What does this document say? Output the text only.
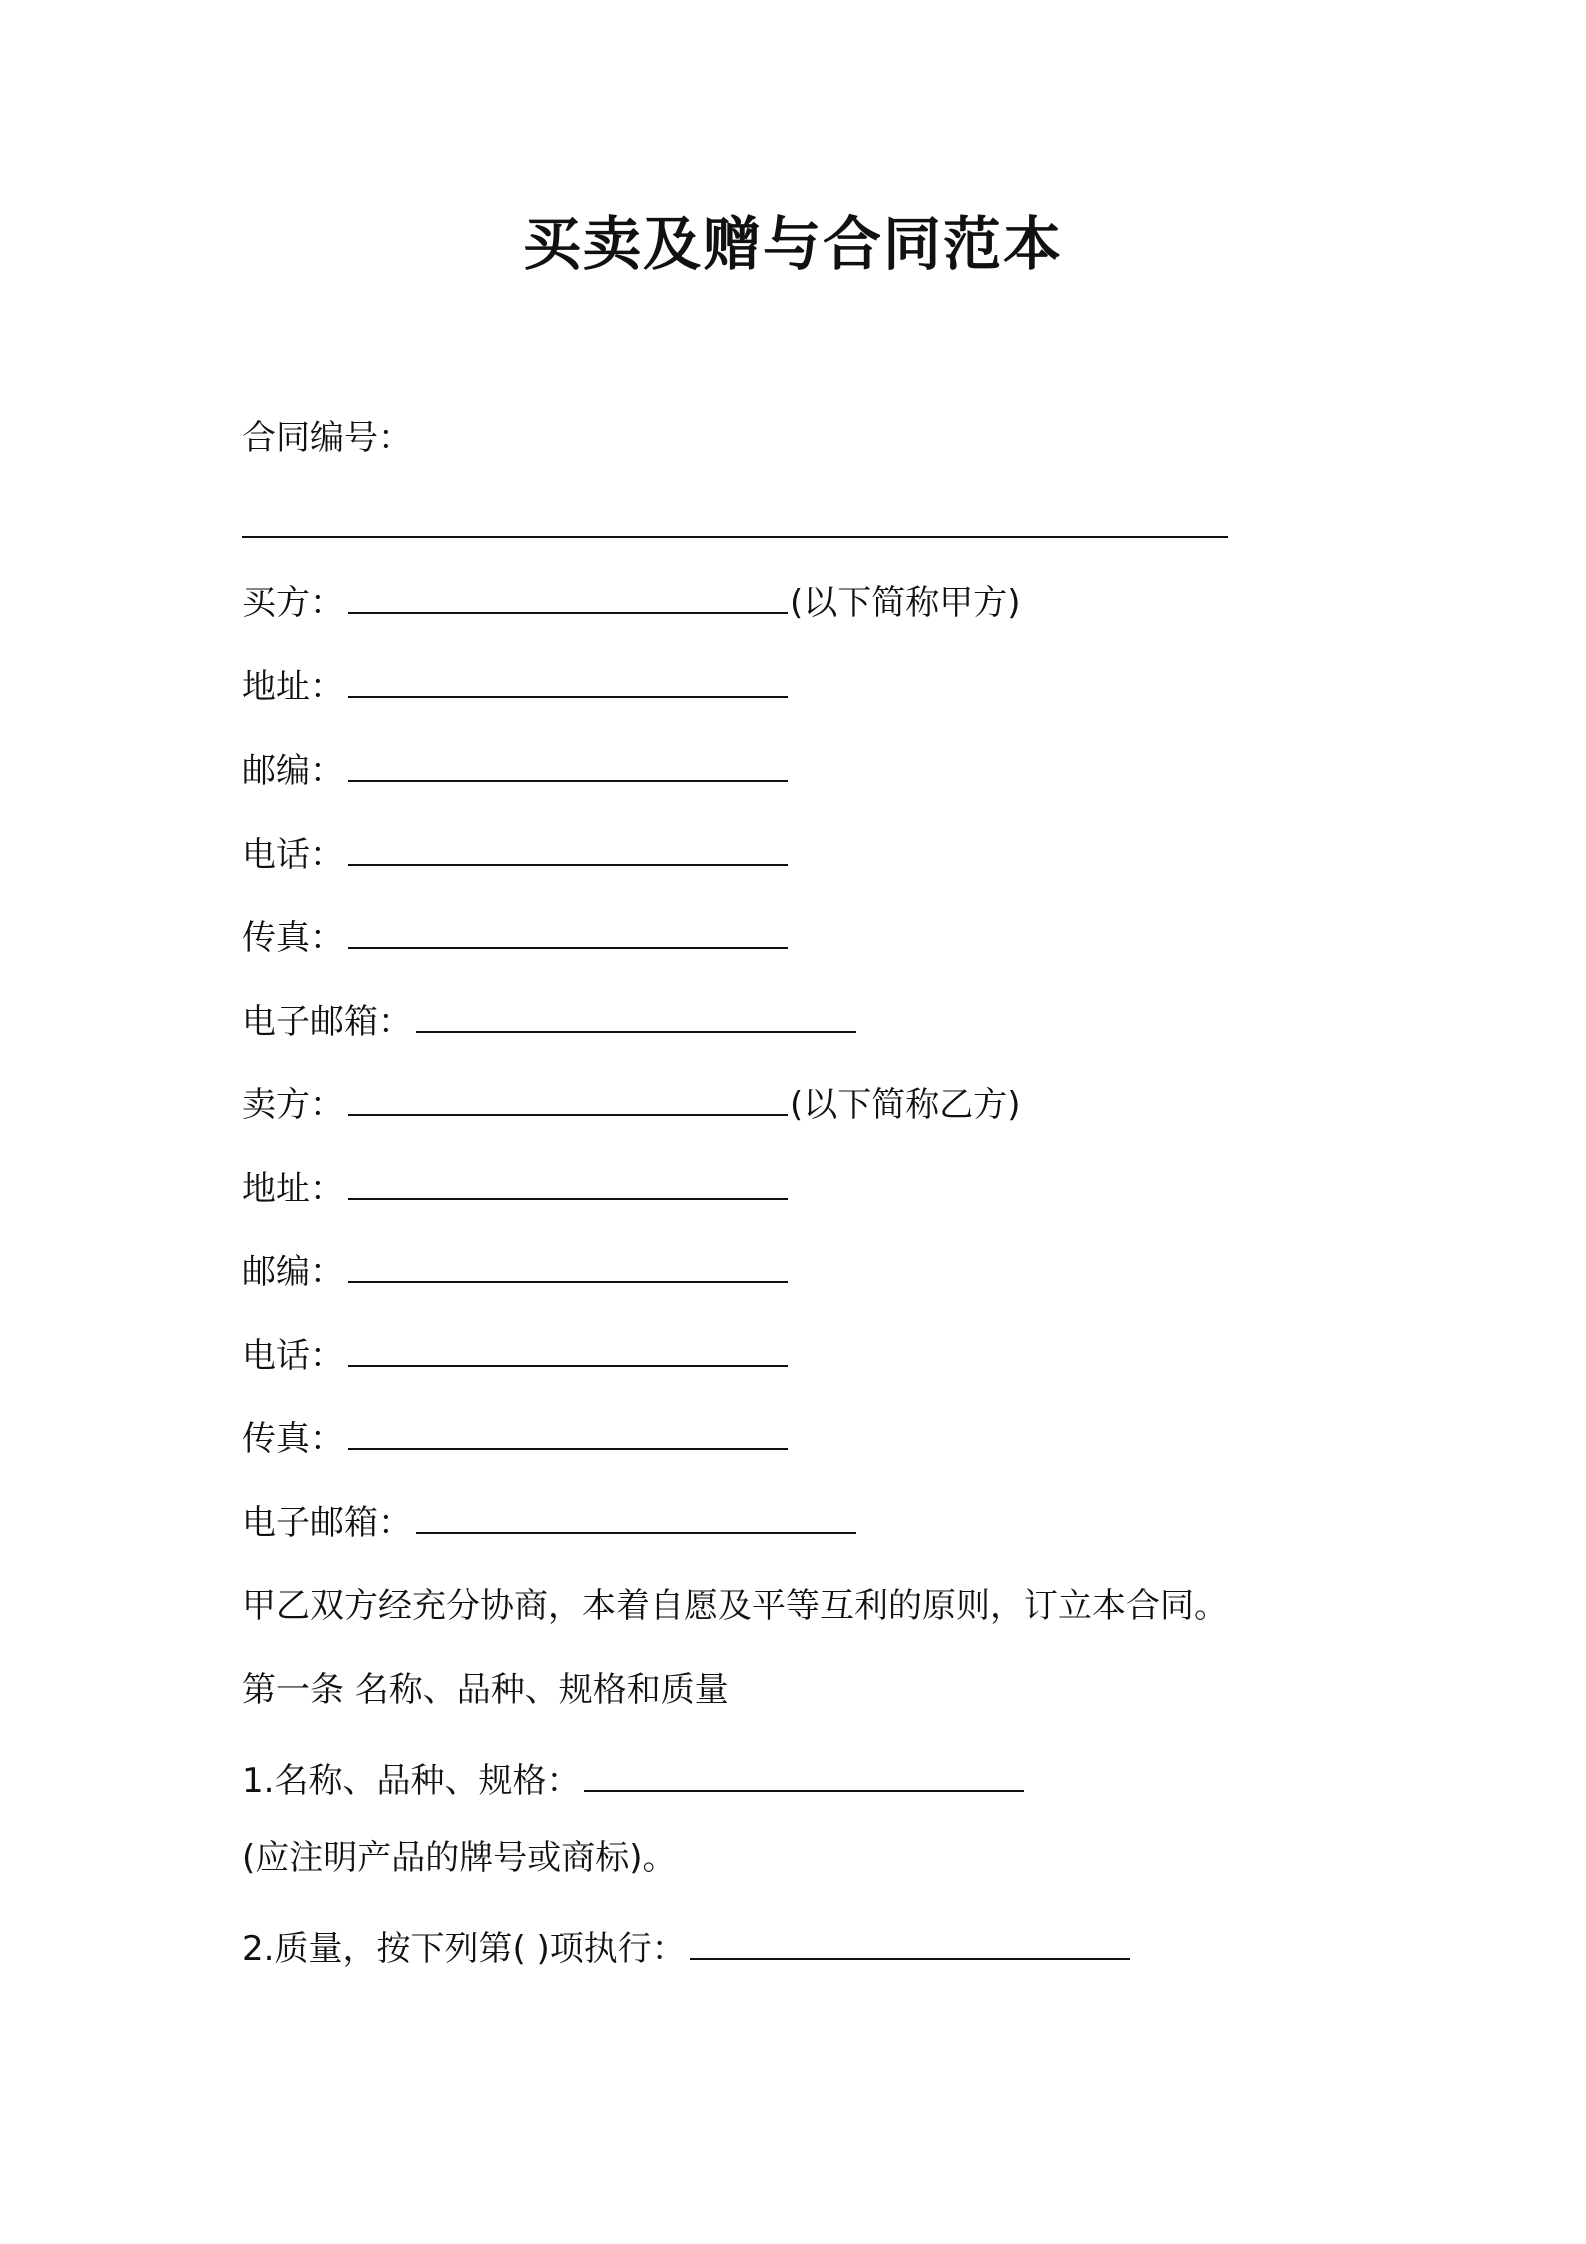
买卖及赠与合同范本
合同编号：
买方：	(以下简称甲方)
地址：
邮编：
电话：
传真：
电子邮箱：
卖方：	(以下简称乙方)
地址：
邮编：
电话：
传真：
电子邮箱：
甲乙双方经充分协商，本着自愿及平等互利的原则，订立本合同。
第一条 名称、品种、规格和质量
1.名称、品种、规格：
(应注明产品的牌号或商标)。
2.质量，按下列第( )项执行：
